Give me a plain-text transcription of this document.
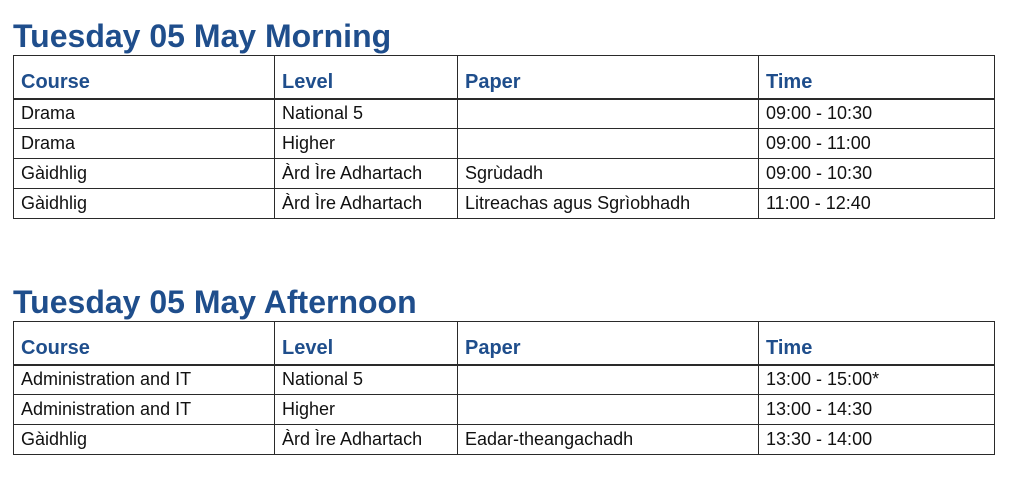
Tuesday 05 May Morning
Course	Level	Paper	Time
Drama	National 5		09:00 - 10:30
Drama	Higher		09:00 - 11:00
Gàidhlig	Àrd Ìre Adhartach	Sgrùdadh	09:00 - 10:30
Gàidhlig	Àrd Ìre Adhartach	Litreachas agus Sgrìobhadh	11:00 - 12:40
Tuesday 05 May Afternoon
Course	Level	Paper	Time
Administration and IT	National 5		13:00 - 15:00*
Administration and IT	Higher		13:00 - 14:30
Gàidhlig	Àrd Ìre Adhartach	Eadar-theangachadh	13:30 - 14:00
